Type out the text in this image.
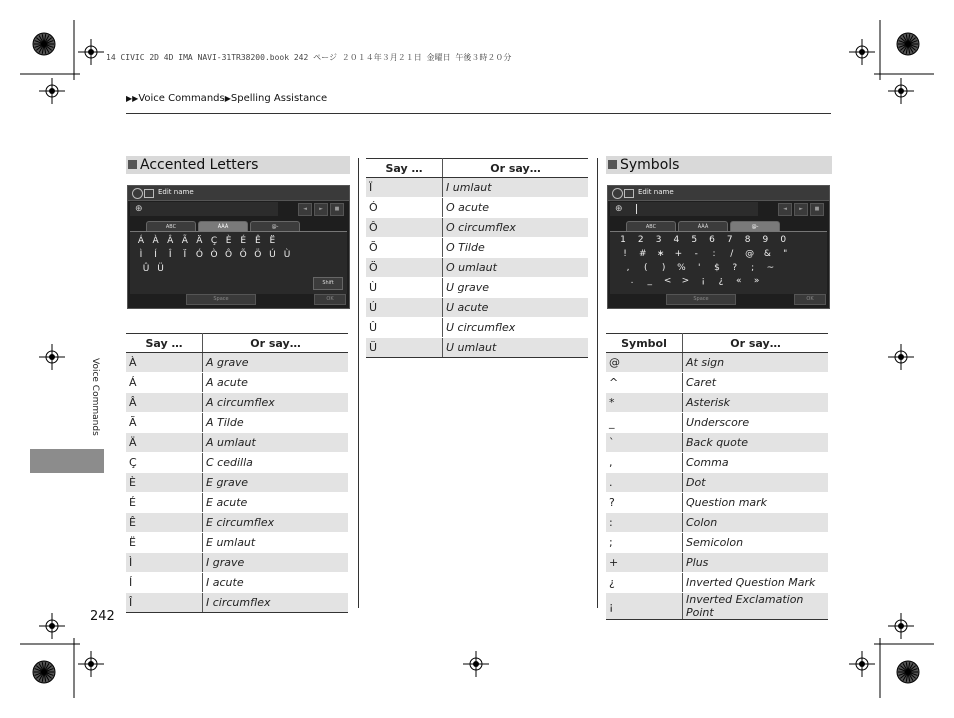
14 CIVIC 2D 4D IMA NAVI-31TR38200.book 242 ページ ２０１４年３月２１日 金曜日 午後３時２０分
▶▶Voice Commands▶Spelling Assistance
Voice Commands
242
Accented Letters
Edit name
⊕	◄	►	■
ABC	ÀÀÀ	@-
Á À Â Ã Ä Ç È É Ê Ë
Ì	Í	Î	Ï	Ó Ò Ô Õ Ö Ú Ù
Û Ü
Shift
Space	OK
Say …	Or say…
À	A grave
Á	A acute
Â	A circumflex
Ã	A Tilde
Ä	A umlaut
Ç	C cedilla
È	E grave
É	E acute
Ê	E circumflex
Ë	E umlaut
Ì	I grave
Í	I acute
Î	I circumflex
Say …	Or say…
Ï	I umlaut
Ó	O acute
Ô	O circumflex
Õ	O Tilde
Ö	O umlaut
Ù	U grave
Ú	U acute
Û	U circumflex
Ü	U umlaut
Symbols
Edit name
⊕	◄	►	■
ABC	ÀÀÀ	@-
1	2	3	4	5	6	7	8	9	0
!	#	∗	+	-	:	/	@	&	"
,	(	)	%	'	$	?	;	~
.	_	<	>	¡	¿	«	»
Space	OK
Symbol	Or say…
@	At sign
^	Caret
*	Asterisk
_	Underscore
`	Back quote
,	Comma
.	Dot
?	Question mark
:	Colon
;	Semicolon
+	Plus
¿	Inverted Question Mark
¡	Inverted Exclamation Point
